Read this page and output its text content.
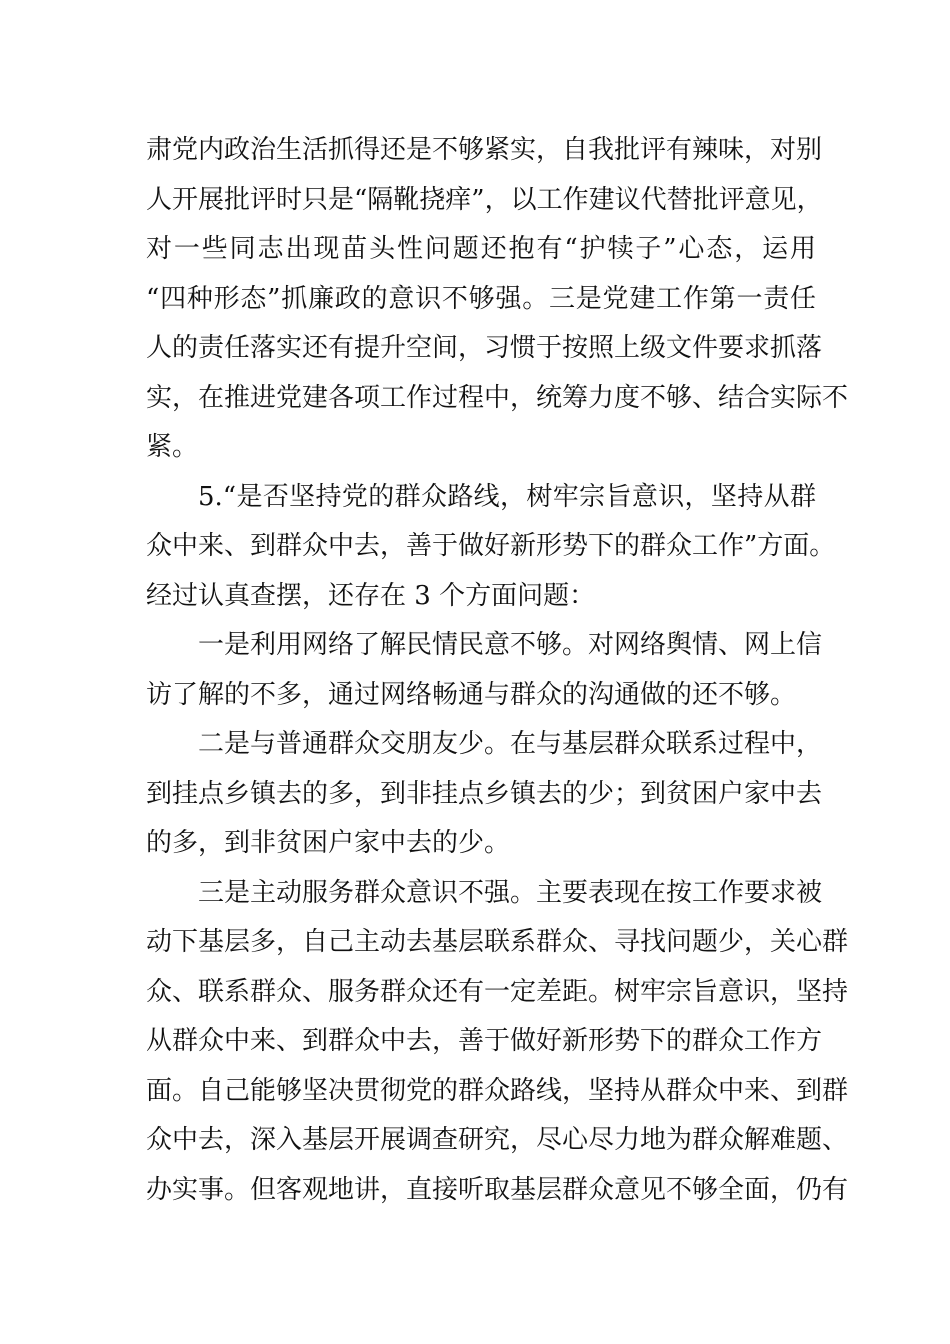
肃党内政治生活抓得还是不够紧实，自我批评有辣味，对别
人开展批评时只是“隔靴挠痒”，以工作建议代替批评意见，
对一些同志出现苗头性问题还抱有“护犊子”心态，运用
“四种形态”抓廉政的意识不够强。三是党建工作第一责任
人的责任落实还有提升空间，习惯于按照上级文件要求抓落
实，在推进党建各项工作过程中，统筹力度不够、结合实际不
紧。
5.“是否坚持党的群众路线，树牢宗旨意识，坚持从群
众中来、到群众中去，善于做好新形势下的群众工作”方面。
经过认真查摆，还存在 3 个方面问题：
一是利用网络了解民情民意不够。对网络舆情、网上信
访了解的不多，通过网络畅通与群众的沟通做的还不够。
二是与普通群众交朋友少。在与基层群众联系过程中，
到挂点乡镇去的多，到非挂点乡镇去的少；到贫困户家中去
的多，到非贫困户家中去的少。
三是主动服务群众意识不强。主要表现在按工作要求被
动下基层多，自己主动去基层联系群众、寻找问题少，关心群
众、联系群众、服务群众还有一定差距。树牢宗旨意识，坚持
从群众中来、到群众中去，善于做好新形势下的群众工作方
面。自己能够坚决贯彻党的群众路线，坚持从群众中来、到群
众中去，深入基层开展调查研究，尽心尽力地为群众解难题、
办实事。但客观地讲，直接听取基层群众意见不够全面，仍有
